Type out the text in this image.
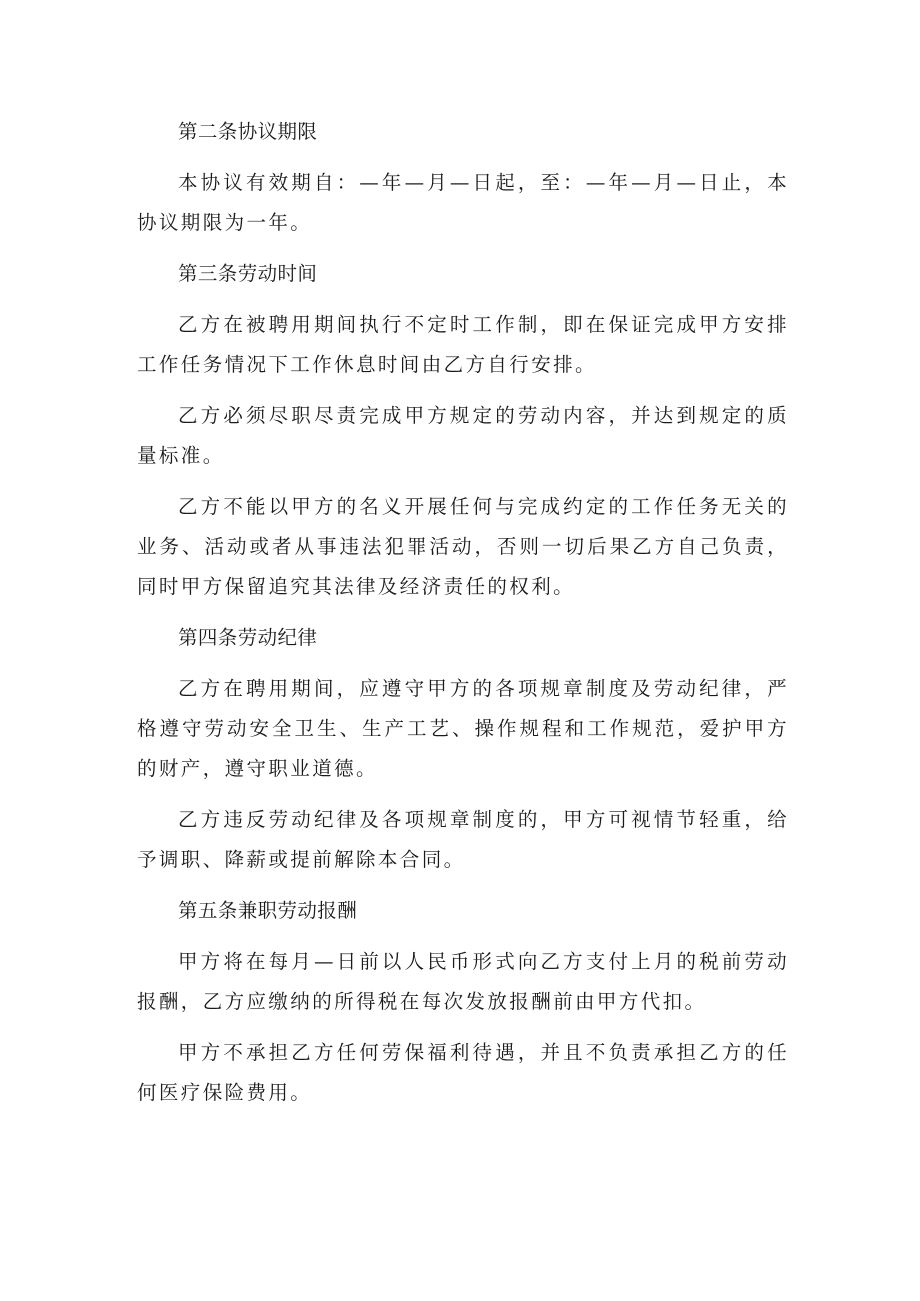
第二条协议期限

本协议有效期自：—年—月—日起，至：—年—月—日止，本协议期限为一年。

第三条劳动时间

乙方在被聘用期间执行不定时工作制，即在保证完成甲方安排工作任务情况下工作休息时间由乙方自行安排。

乙方必须尽职尽责完成甲方规定的劳动内容，并达到规定的质量标准。

乙方不能以甲方的名义开展任何与完成约定的工作任务无关的业务、活动或者从事违法犯罪活动，否则一切后果乙方自己负责，同时甲方保留追究其法律及经济责任的权利。

第四条劳动纪律

乙方在聘用期间，应遵守甲方的各项规章制度及劳动纪律，严格遵守劳动安全卫生、生产工艺、操作规程和工作规范，爱护甲方的财产，遵守职业道德。

乙方违反劳动纪律及各项规章制度的，甲方可视情节轻重，给予调职、降薪或提前解除本合同。

第五条兼职劳动报酬

甲方将在每月—日前以人民币形式向乙方支付上月的税前劳动报酬，乙方应缴纳的所得税在每次发放报酬前由甲方代扣。

甲方不承担乙方任何劳保福利待遇，并且不负责承担乙方的任何医疗保险费用。
